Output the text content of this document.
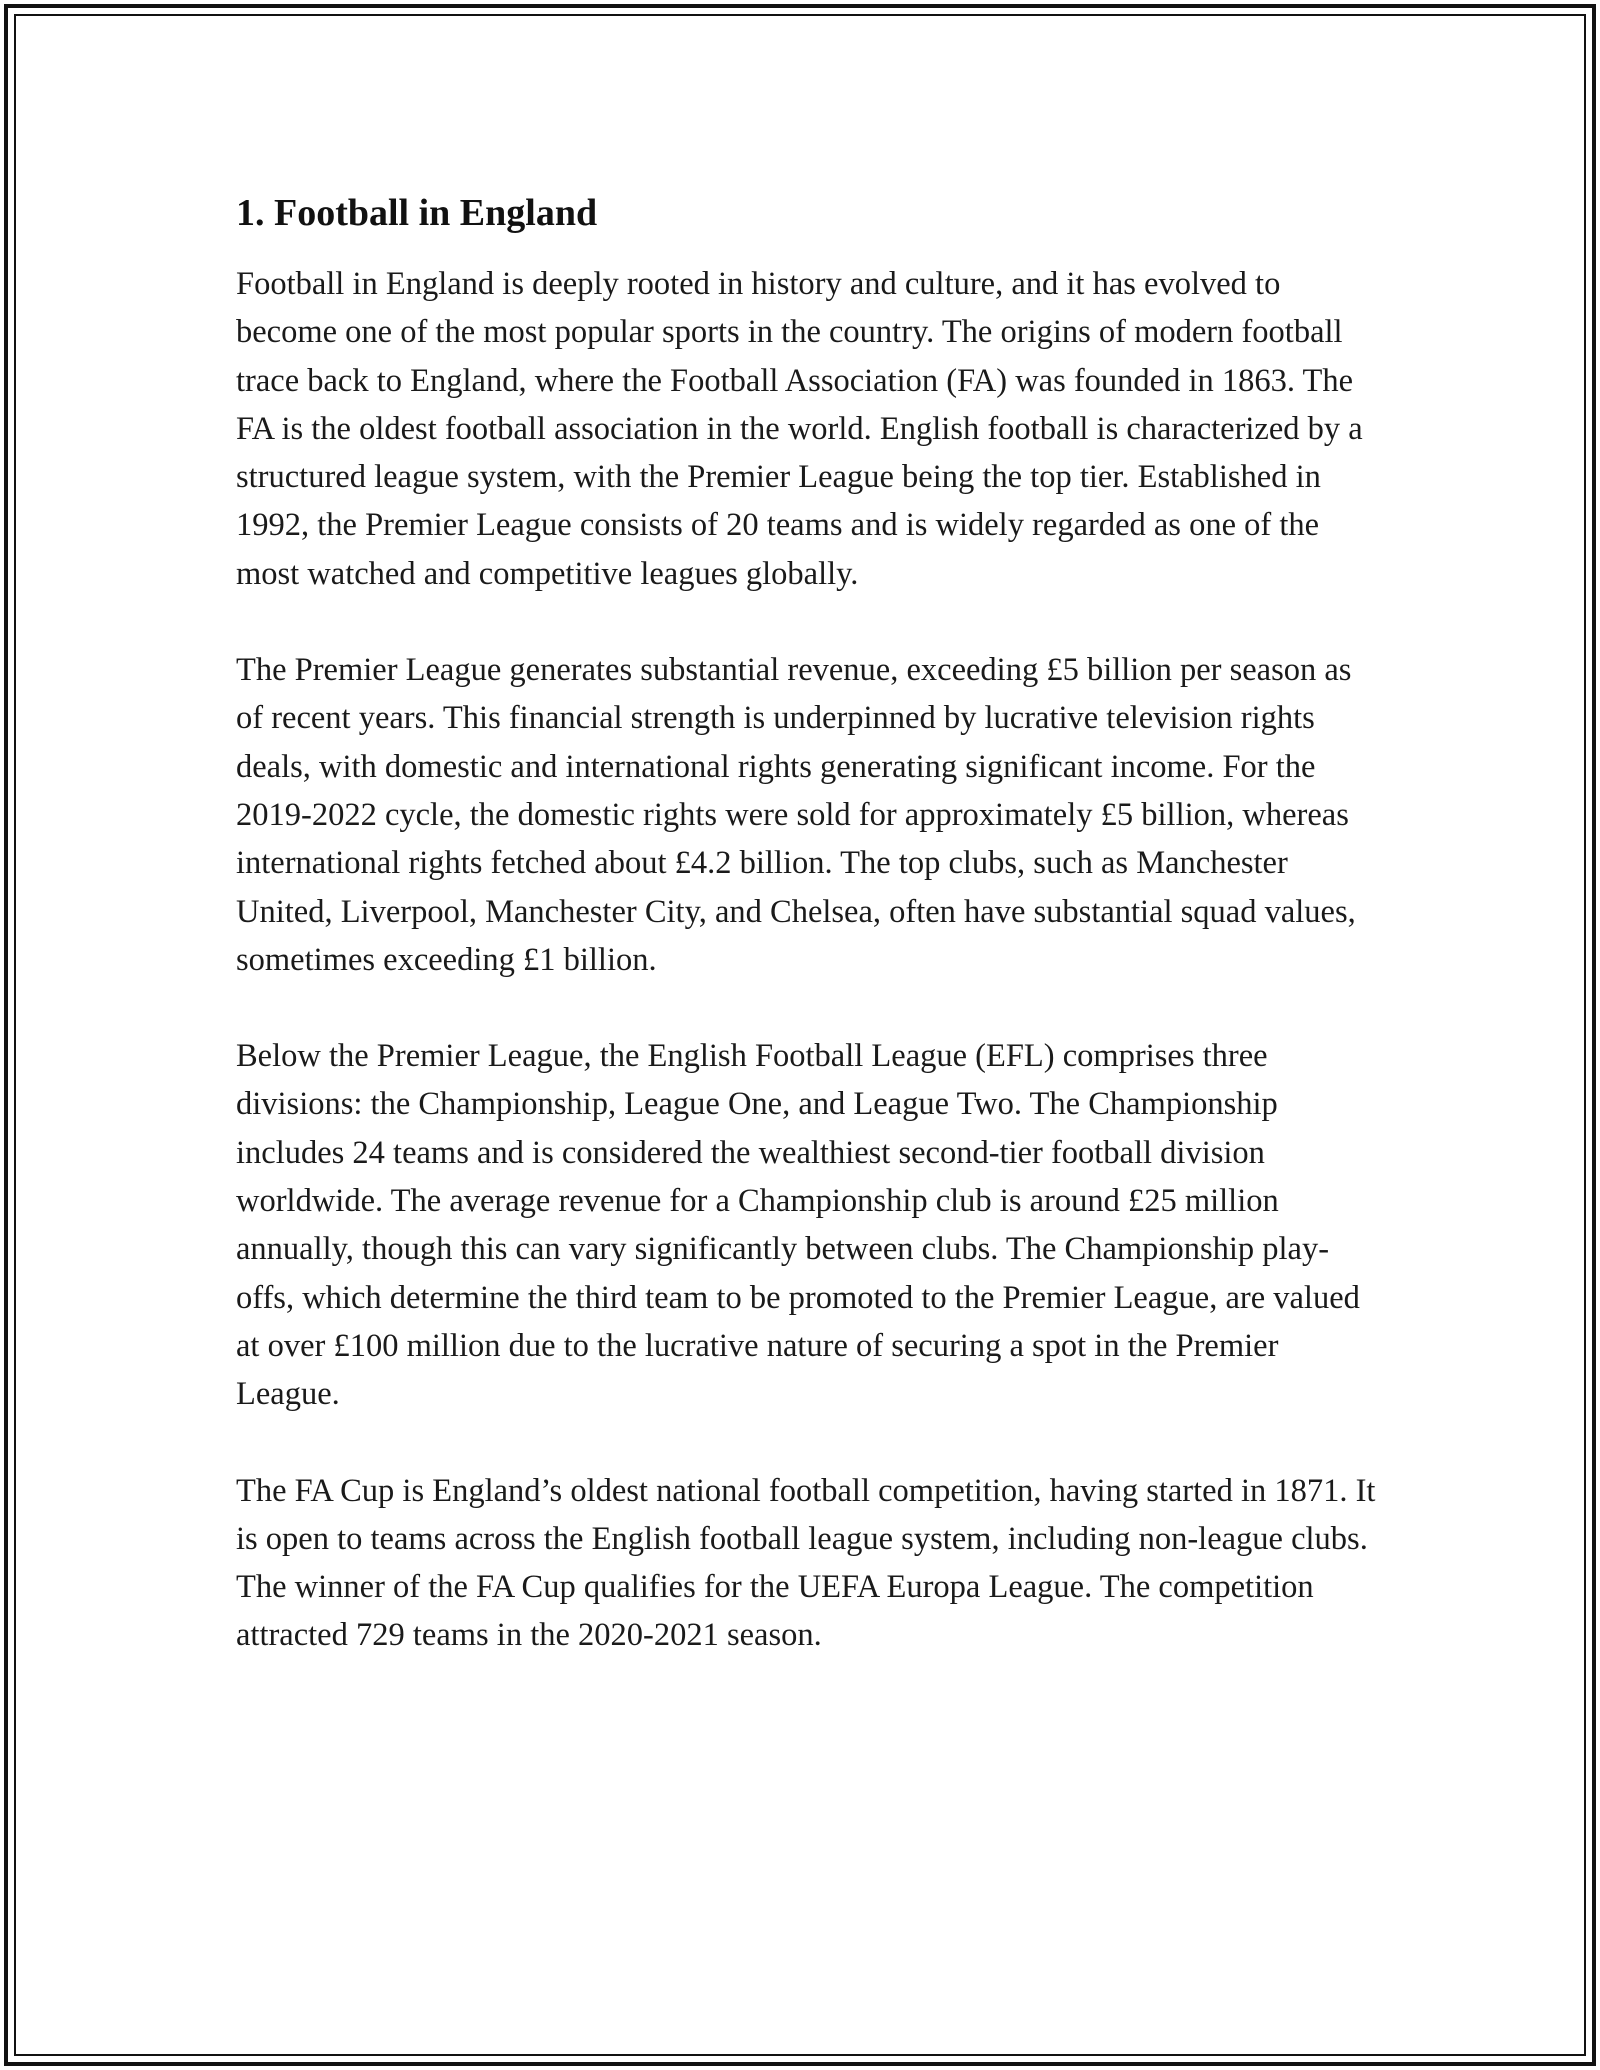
1. Football in England

Football in England is deeply rooted in history and culture, and it has evolved to become one of the most popular sports in the country. The origins of modern football trace back to England, where the Football Association (FA) was founded in 1863. The FA is the oldest football association in the world. English football is characterized by a structured league system, with the Premier League being the top tier. Established in 1992, the Premier League consists of 20 teams and is widely regarded as one of the most watched and competitive leagues globally.

The Premier League generates substantial revenue, exceeding £5 billion per season as of recent years. This financial strength is underpinned by lucrative television rights deals, with domestic and international rights generating significant income. For the 2019-2022 cycle, the domestic rights were sold for approximately £5 billion, whereas international rights fetched about £4.2 billion. The top clubs, such as Manchester United, Liverpool, Manchester City, and Chelsea, often have substantial squad values, sometimes exceeding £1 billion.

Below the Premier League, the English Football League (EFL) comprises three divisions: the Championship, League One, and League Two. The Championship includes 24 teams and is considered the wealthiest second-tier football division worldwide. The average revenue for a Championship club is around £25 million annually, though this can vary significantly between clubs. The Championship play-offs, which determine the third team to be promoted to the Premier League, are valued at over £100 million due to the lucrative nature of securing a spot in the Premier League.

The FA Cup is England’s oldest national football competition, having started in 1871. It is open to teams across the English football league system, including non-league clubs. The winner of the FA Cup qualifies for the UEFA Europa League. The competition attracted 729 teams in the 2020-2021 season.
